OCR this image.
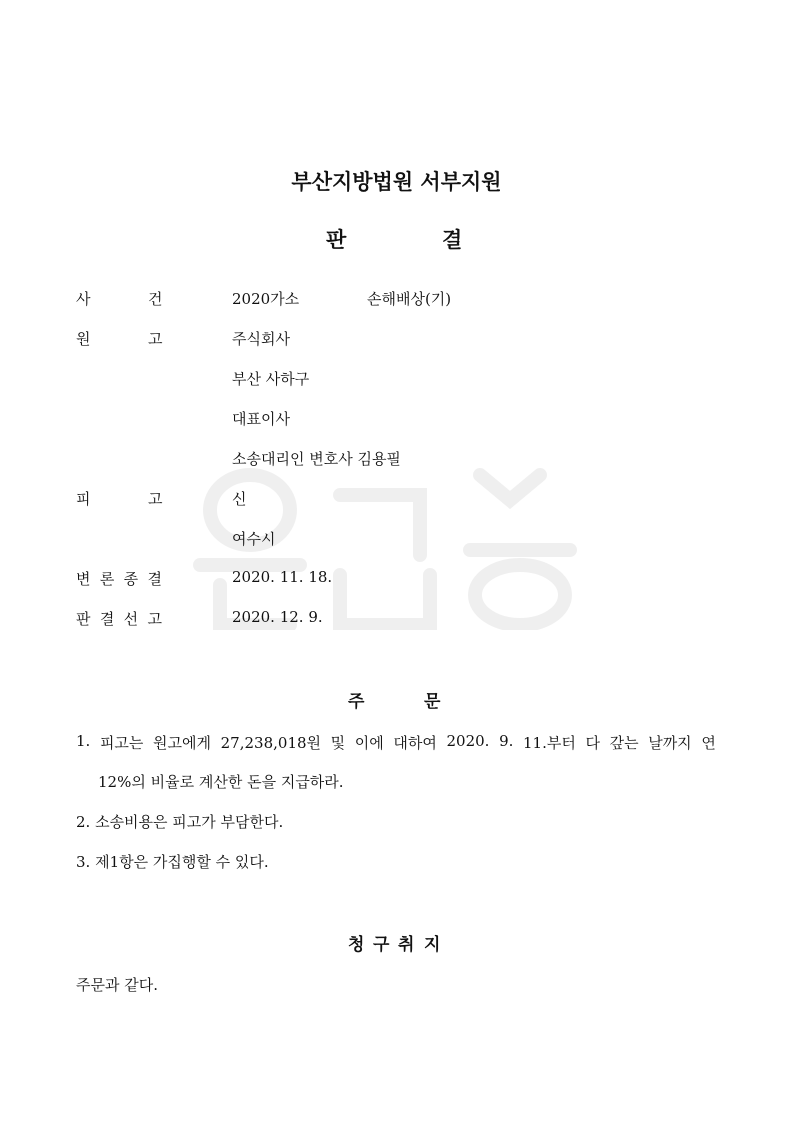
부산지방법원 서부지원
판	결
사	건	2020가소	손해배상(기)
원	고	주식회사
부산 사하구
대표이사
소송대리인 변호사 김용필
피	고	신
여수시
변 론 종 결	2020. 11. 18.
판 결 선 고	2020. 12. 9.
주	문
1. 피고는 원고에게 27,238,018원 및 이에 대하여 2020. 9. 11.부터 다 갚는 날까지 연
12%의 비율로 계산한 돈을 지급하라.
2. 소송비용은 피고가 부담한다.
3. 제1항은 가집행할 수 있다.
청 구 취 지
주문과 같다.
